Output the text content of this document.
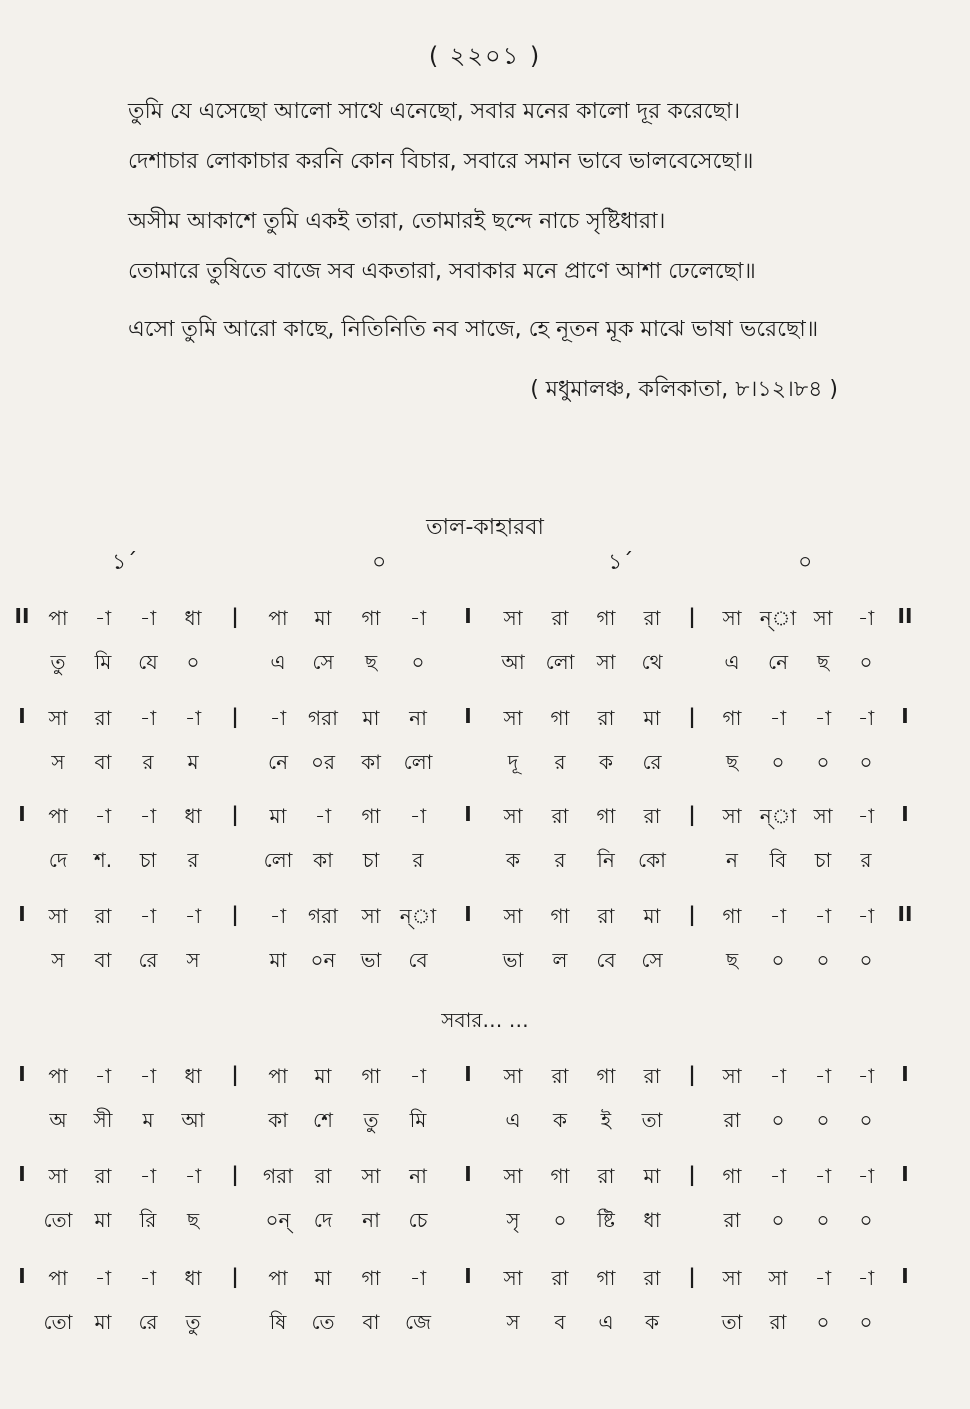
( ২২০১ )
তুমি যে এসেছো আলো সাথে এনেছো, সবার মনের কালো দূর করেছো।
দেশাচার লোকাচার করনি কোন বিচার, সবারে সমান ভাবে ভালবেসেছো॥
অসীম আকাশে তুমি একই তারা, তোমারই ছন্দে নাচে সৃষ্টিধারা।
তোমারে তুষিতে বাজে সব একতারা, সবাকার মনে প্রাণে আশা ঢেলেছো॥
এসো তুমি আরো কাছে, নিতিনিতি নব সাজে, হে নূতন মূক মাঝে ভাষা ভরেছো॥
( মধুমালঞ্চ, কলিকাতা, ৮।১২।৮৪ )
তাল-কাহারবা
১´	০	১´	০
II পা -া -া ধা | পা মা গা -া I সা রা গা রা | সা ন্‌া সা -া II
তু মি যে ০	এ সে ছ ০	আ লো সা থে	এ নে ছ ০
I সা রা -া -া | -া গরা মা না I সা গা রা মা | গা -া -া -া I
স বা র ম	নে ০র কা লো	দূ র ক রে	ছ ০ ০ ০
I পা -া -া ধা | মা -া গা -া I সা রা গা রা | সা ন্‌া সা -া I
দে শ. চা র	লো কা চা র	ক র নি কো	ন বি চা র
I সা রা -া -া | -া গরা সা ন্‌া I সা গা রা মা | গা -া -া -া II
স বা রে স	মা ০ন ভা বে	ভা ল বে সে	ছ ০ ০ ০
I পা -া -া ধা | পা মা গা -া I সা রা গা রা | সা -া -া -া I
অ সী ম আ	কা শে তু মি	এ ক ই তা	রা ০ ০ ০
I সা রা -া -া | গরা রা সা না I সা গা রা মা | গা -া -া -া I
তো মা রি ছ	০ন্ দে না চে	সৃ ০ ষ্টি ধা	রা ০ ০ ০
I পা -া -া ধা | পা মা গা -া I সা রা গা রা | সা সা -া -া I
তো মা রে তু	ষি তে বা জে	স ব এ ক	তা রা ০ ০
সবার… …
